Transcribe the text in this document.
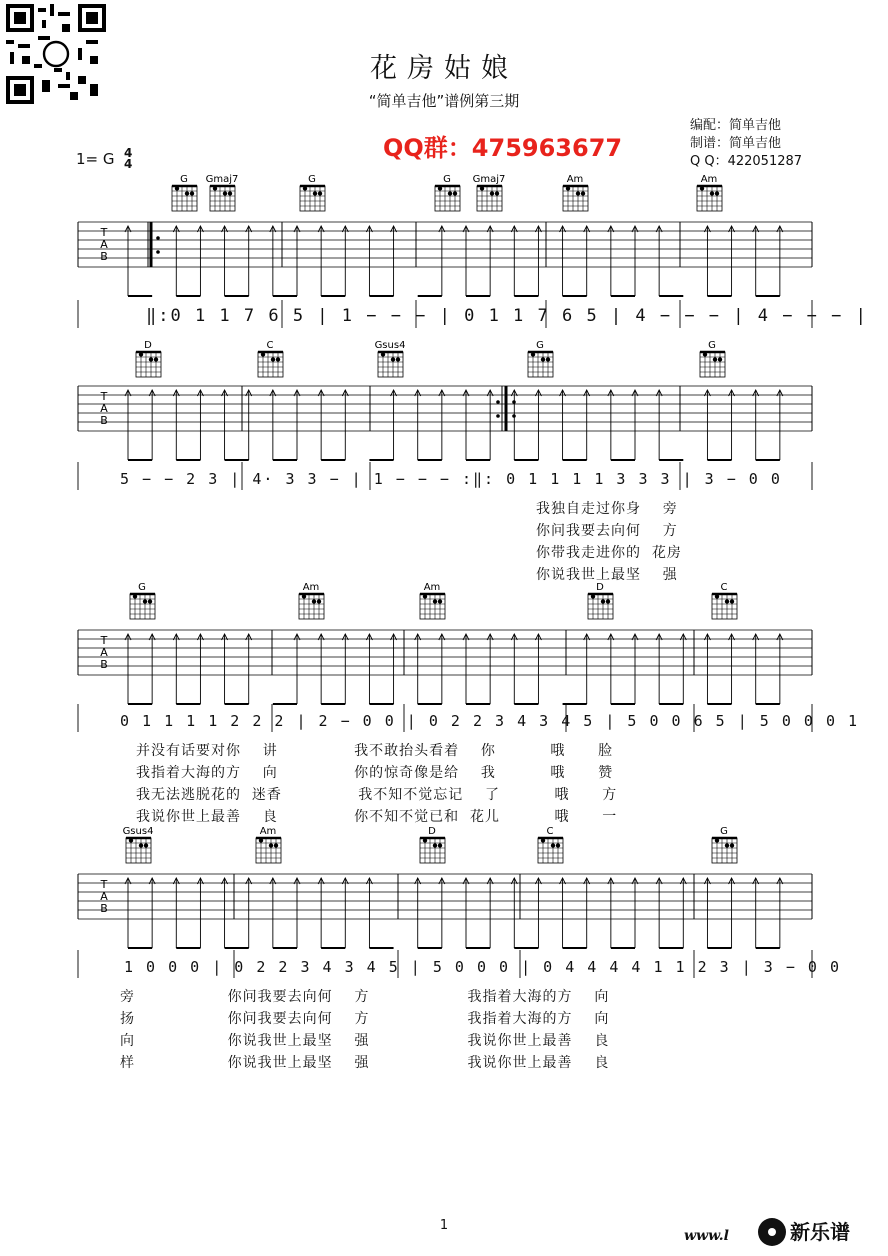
花房姑娘
“简单吉他”谱例第三期
QQ群：475963677
编配：简单吉他
制谱：简单吉他
Q Q：422051287
1= G 4
4
T
A
B
G Gmaj7	G	G Gmaj7	Am	Am
T
A
B
D	C	Gsus4	G	G
T
A
B
G	Am	Am	D	C
T
A
B
Gsus4	Am	D	C	G
‖:0 1 1 7 6 5 | 1 − − − | 0 1 1 7 6 5 | 4 − − − | 4 − − − |
5 − − 2 3 | 4· 3 3 − | 1 − − − :‖: 0 1 1 1 1 3 3 3 | 3 − 0 0
我独自走过你身    旁
你问我要去向何    方
你带我走进你的  花房
你说我世上最坚    强
0 1 1 1 1 2 2 2 | 2 − 0 0 | 0 2 2 3 4 3 4 5 | 5 0 0 6 5 | 5 0 0 0 1
并没有话要对你    讲              我不敢抬头看着    你          哦      脸
我指着大海的方    向              你的惊奇像是给    我          哦      赞
我无法逃脱花的  迷香              我不知不觉忘记    了          哦      方
我说你世上最善    良              你不知不觉已和  花儿          哦      一
1 0 0 0 | 0 2 2 3 4 3 4 5 | 5 0 0 0 | 0 4 4 4 4 1 1 2 3 | 3 − 0 0
旁                 你问我要去向何    方                  我指着大海的方    向
扬                 你问我要去向何    方                  我指着大海的方    向
向                 你说我世上最坚    强                  我说你世上最善    良
样                 你说我世上最坚    强                  我说你世上最善    良
1
www.l	新乐谱
